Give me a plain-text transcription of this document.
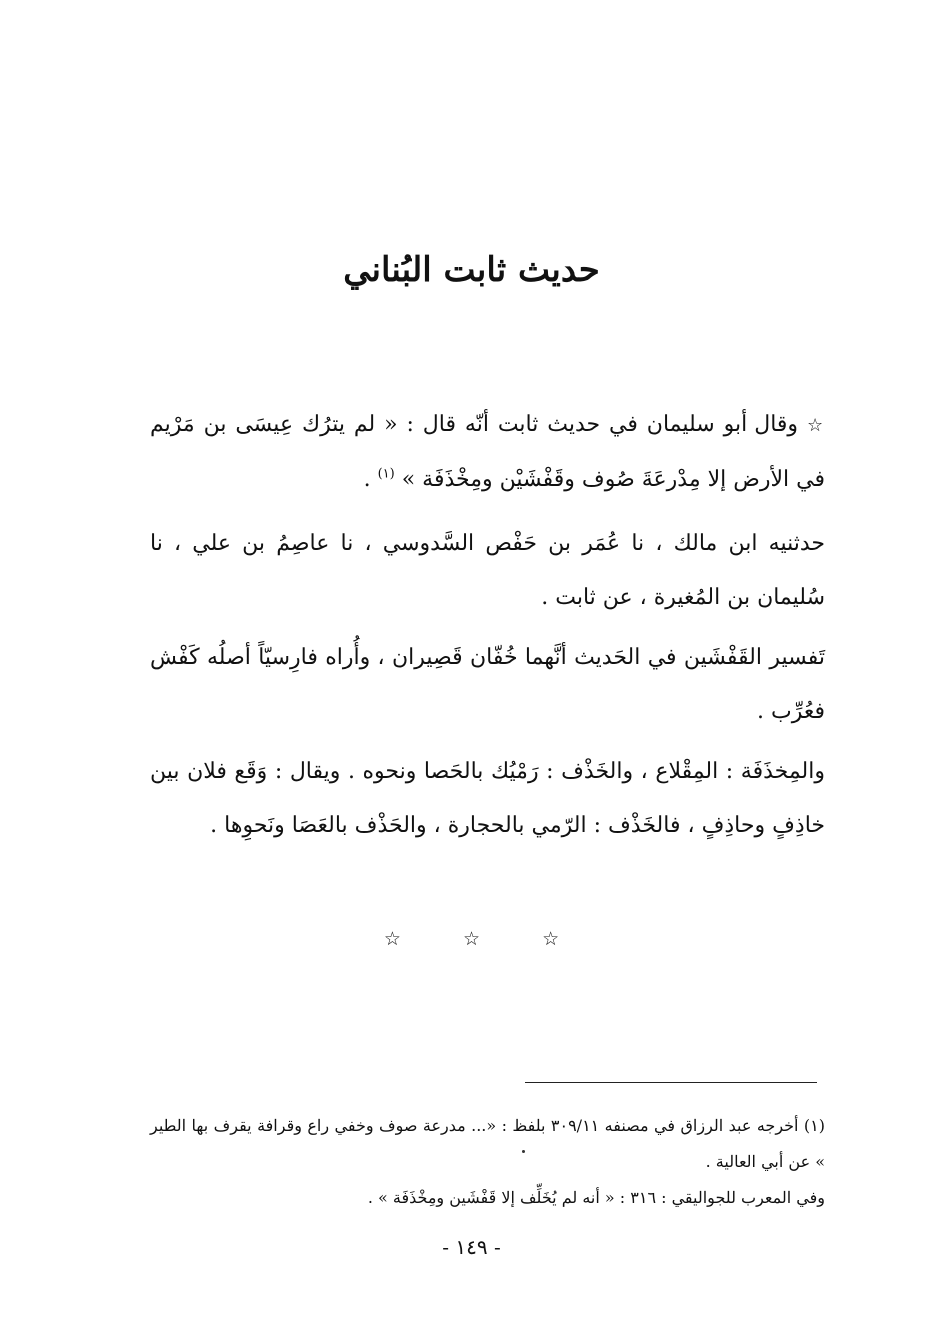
حديث ثابت البُناني

☆ وقال أبو سليمان في حديث ثابت أنّه قال : « لم يترُك عِيسَى بن مَرْيم في الأرض إلا مِدْرعَةَ صُوف وقَفْشَيْن ومِخْذَفَة » $^{(١)}$ .

حدثنيه ابن مالك ، نا عُمَر بن حَفْص السَّدوسي ، نا عاصِمُ بن علي ، نا سُليمان بن المُغيرة ، عن ثابت .

تَفسير القَفْشَين في الحَديث أنَّهما خُفّان قَصِيران ، وأُراه فارِسيّاً أصلُه كَفْش فعُرِّب .

والمِخذَفَة : المِقْلاع ، والخَذْف : رَمْيُك بالحَصا ونحوه . ويقال : وَقَع فلان بين خاذِفٍ وحاذِفٍ ، فالخَذْف : الرّمي بالحجارة ، والحَذْف بالعَصَا ونَحوِها .

☆	☆	☆
(١) أخرجه عبد الرزاق في مصنفه ٣٠٩/١١ بلفظ : «... مدرعة صوف وخفي راع وقرافة يقرف بها الطير » عن أبي العالية .
وفي المعرب للجواليقي : ٣١٦ : « أنه لم يُخَلِّف إلا قَفْشَين ومِخْذَفَة » .
- ١٤٩ -
